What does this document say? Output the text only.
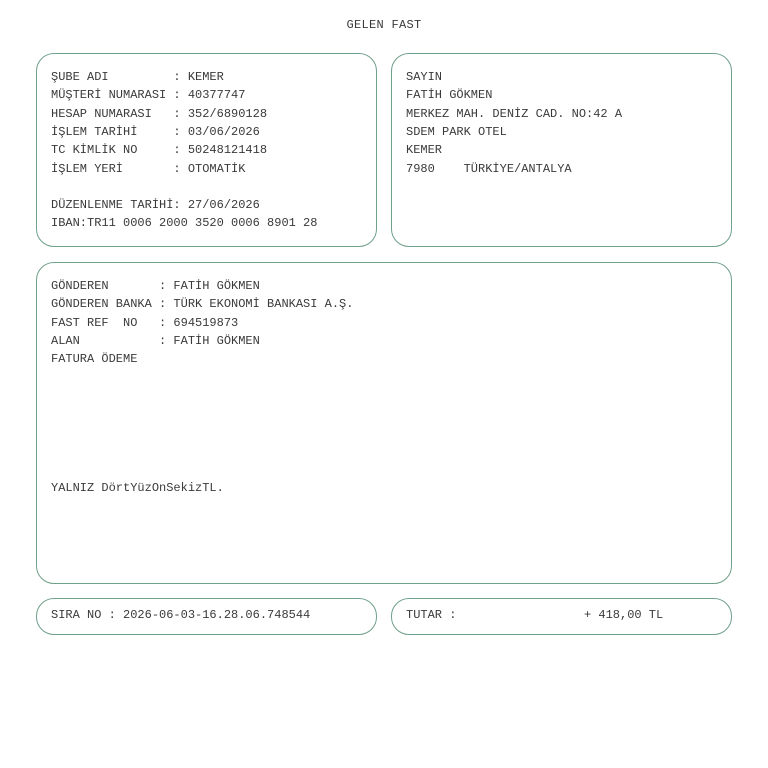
GELEN FAST
ŞUBE ADI         : KEMER
MÜŞTERİ NUMARASI : 40377747
HESAP NUMARASI   : 352/6890128
İŞLEM TARİHİ     : 03/06/2026
TC KİMLİK NO     : 50248121418
İŞLEM YERİ       : OTOMATİK
DÜZENLENME TARİHİ: 27/06/2026
IBAN:TR11 0006 2000 3520 0006 8901 28
SAYIN
FATİH GÖKMEN
MERKEZ MAH. DENİZ CAD. NO:42 A
SDEM PARK OTEL
KEMER
7980    TÜRKİYE/ANTALYA
GÖNDEREN       : FATİH GÖKMEN
GÖNDEREN BANKA : TÜRK EKONOMİ BANKASI A.Ş.
FAST REF  NO   : 694519873
ALAN           : FATİH GÖKMEN
FATURA ÖDEME
YALNIZ DörtYüzOnSekizTL.
SIRA NO : 2026-06-03-16.28.06.748544	TUTAR :	+ 418,00 TL
